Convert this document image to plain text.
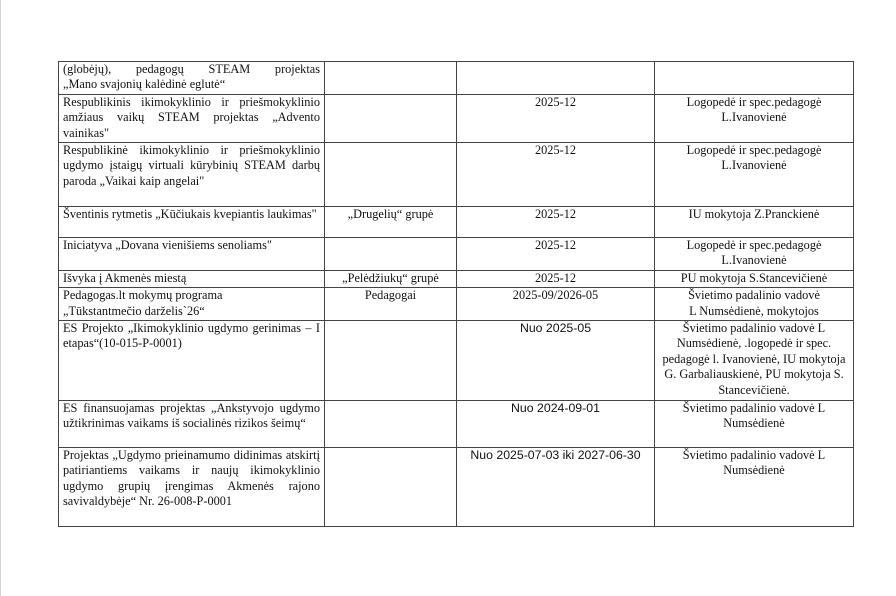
(globėjų), pedagogų STEAM projektas
„Mano svajonių kalėdinė eglutė“			

Respublikinis ikimokyklinio ir priešmokyklinio amžiaus vaikų STEAM projektas „Advento vainikas"		2025-12	Logopedė ir spec.pedagogė
L.Ivanovienė

Respublikinė ikimokyklinio ir priešmokyklinio ugdymo įstaigų virtuali kūrybinių STEAM darbų paroda „Vaikai kaip angelai"		2025-12	Logopedė ir spec.pedagogė
L.Ivanovienė

Šventinis rytmetis „Kūčiukais kvepiantis laukimas"	„Drugelių“ grupė	2025-12	IU mokytoja Z.Pranckienė

Iniciatyva „Dovana vienišiems senoliams"		2025-12	Logopedė ir spec.pedagogė
L.Ivanovienė

Išvyka į Akmenės miestą	„Pelėdžiukų“ grupė	2025-12	PU mokytoja S.Stancevičienė

Pedagogas.lt mokymų programa
„Tūkstantmečio darželis`26“	Pedagogai	2025-09/2026-05	Švietimo padalinio vadovė
L Numsėdienė, mokytojos

ES Projekto „Ikimokyklinio ugdymo gerinimas – I etapas“(10-015-P-0001)		Nuo 2025-05	Švietimo padalinio vadovė L Numsėdienė, .logopedė ir spec. pedagogė l. Ivanovienė, IU mokytoja G. Garbaliauskienė, PU mokytoja S. Stancevičienė.

ES finansuojamas projektas „Ankstyvojo ugdymo užtikrinimas vaikams iš socialinės rizikos šeimų“		Nuo 2024-09-01	Švietimo padalinio vadovė L
Numsėdienė

Projektas „Ugdymo prieinamumo didinimas atskirtį patiriantiems vaikams ir naujų ikimokyklinio ugdymo grupių įrengimas Akmenės rajono savivaldybėje“ Nr. 26-008-P-0001		Nuo 2025-07-03 iki 2027-06-30	Švietimo padalinio vadovė L
Numsėdienė
